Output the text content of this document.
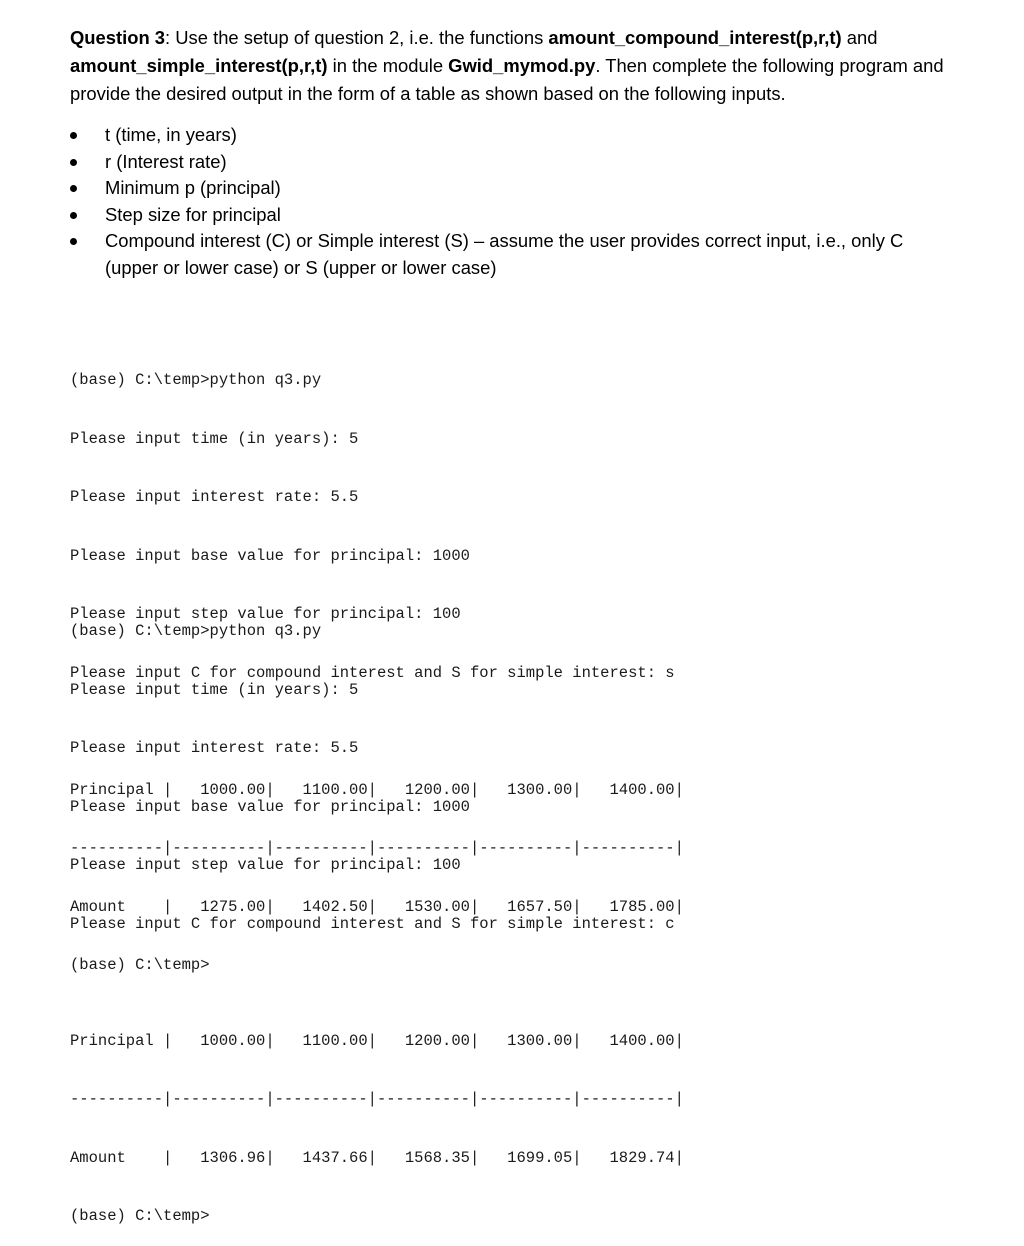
Question 3: Use the setup of question 2, i.e. the functions amount_compound_interest(p,r,t) and amount_simple_interest(p,r,t) in the module Gwid_mymod.py. Then complete the following program and provide the desired output in the form of a table as shown based on the following inputs.

t (time, in years)
r (Interest rate)
Minimum p (principal)
Step size for principal
Compound interest (C) or Simple interest (S) – assume the user provides correct input, i.e., only C (upper or lower case) or S (upper or lower case)

(base) C:\temp>python q3.py

Please input time (in years): 5

Please input interest rate: 5.5

Please input base value for principal: 1000

Please input step value for principal: 100

Please input C for compound interest and S for simple interest: s

Principal |   1000.00|   1100.00|   1200.00|   1300.00|   1400.00|

----------|----------|----------|----------|----------|----------|

Amount    |   1275.00|   1402.50|   1530.00|   1657.50|   1785.00|

(base) C:\temp>

(base) C:\temp>python q3.py

Please input time (in years): 5

Please input interest rate: 5.5

Please input base value for principal: 1000

Please input step value for principal: 100

Please input C for compound interest and S for simple interest: c

Principal |   1000.00|   1100.00|   1200.00|   1300.00|   1400.00|

----------|----------|----------|----------|----------|----------|

Amount    |   1306.96|   1437.66|   1568.35|   1699.05|   1829.74|

(base) C:\temp>
